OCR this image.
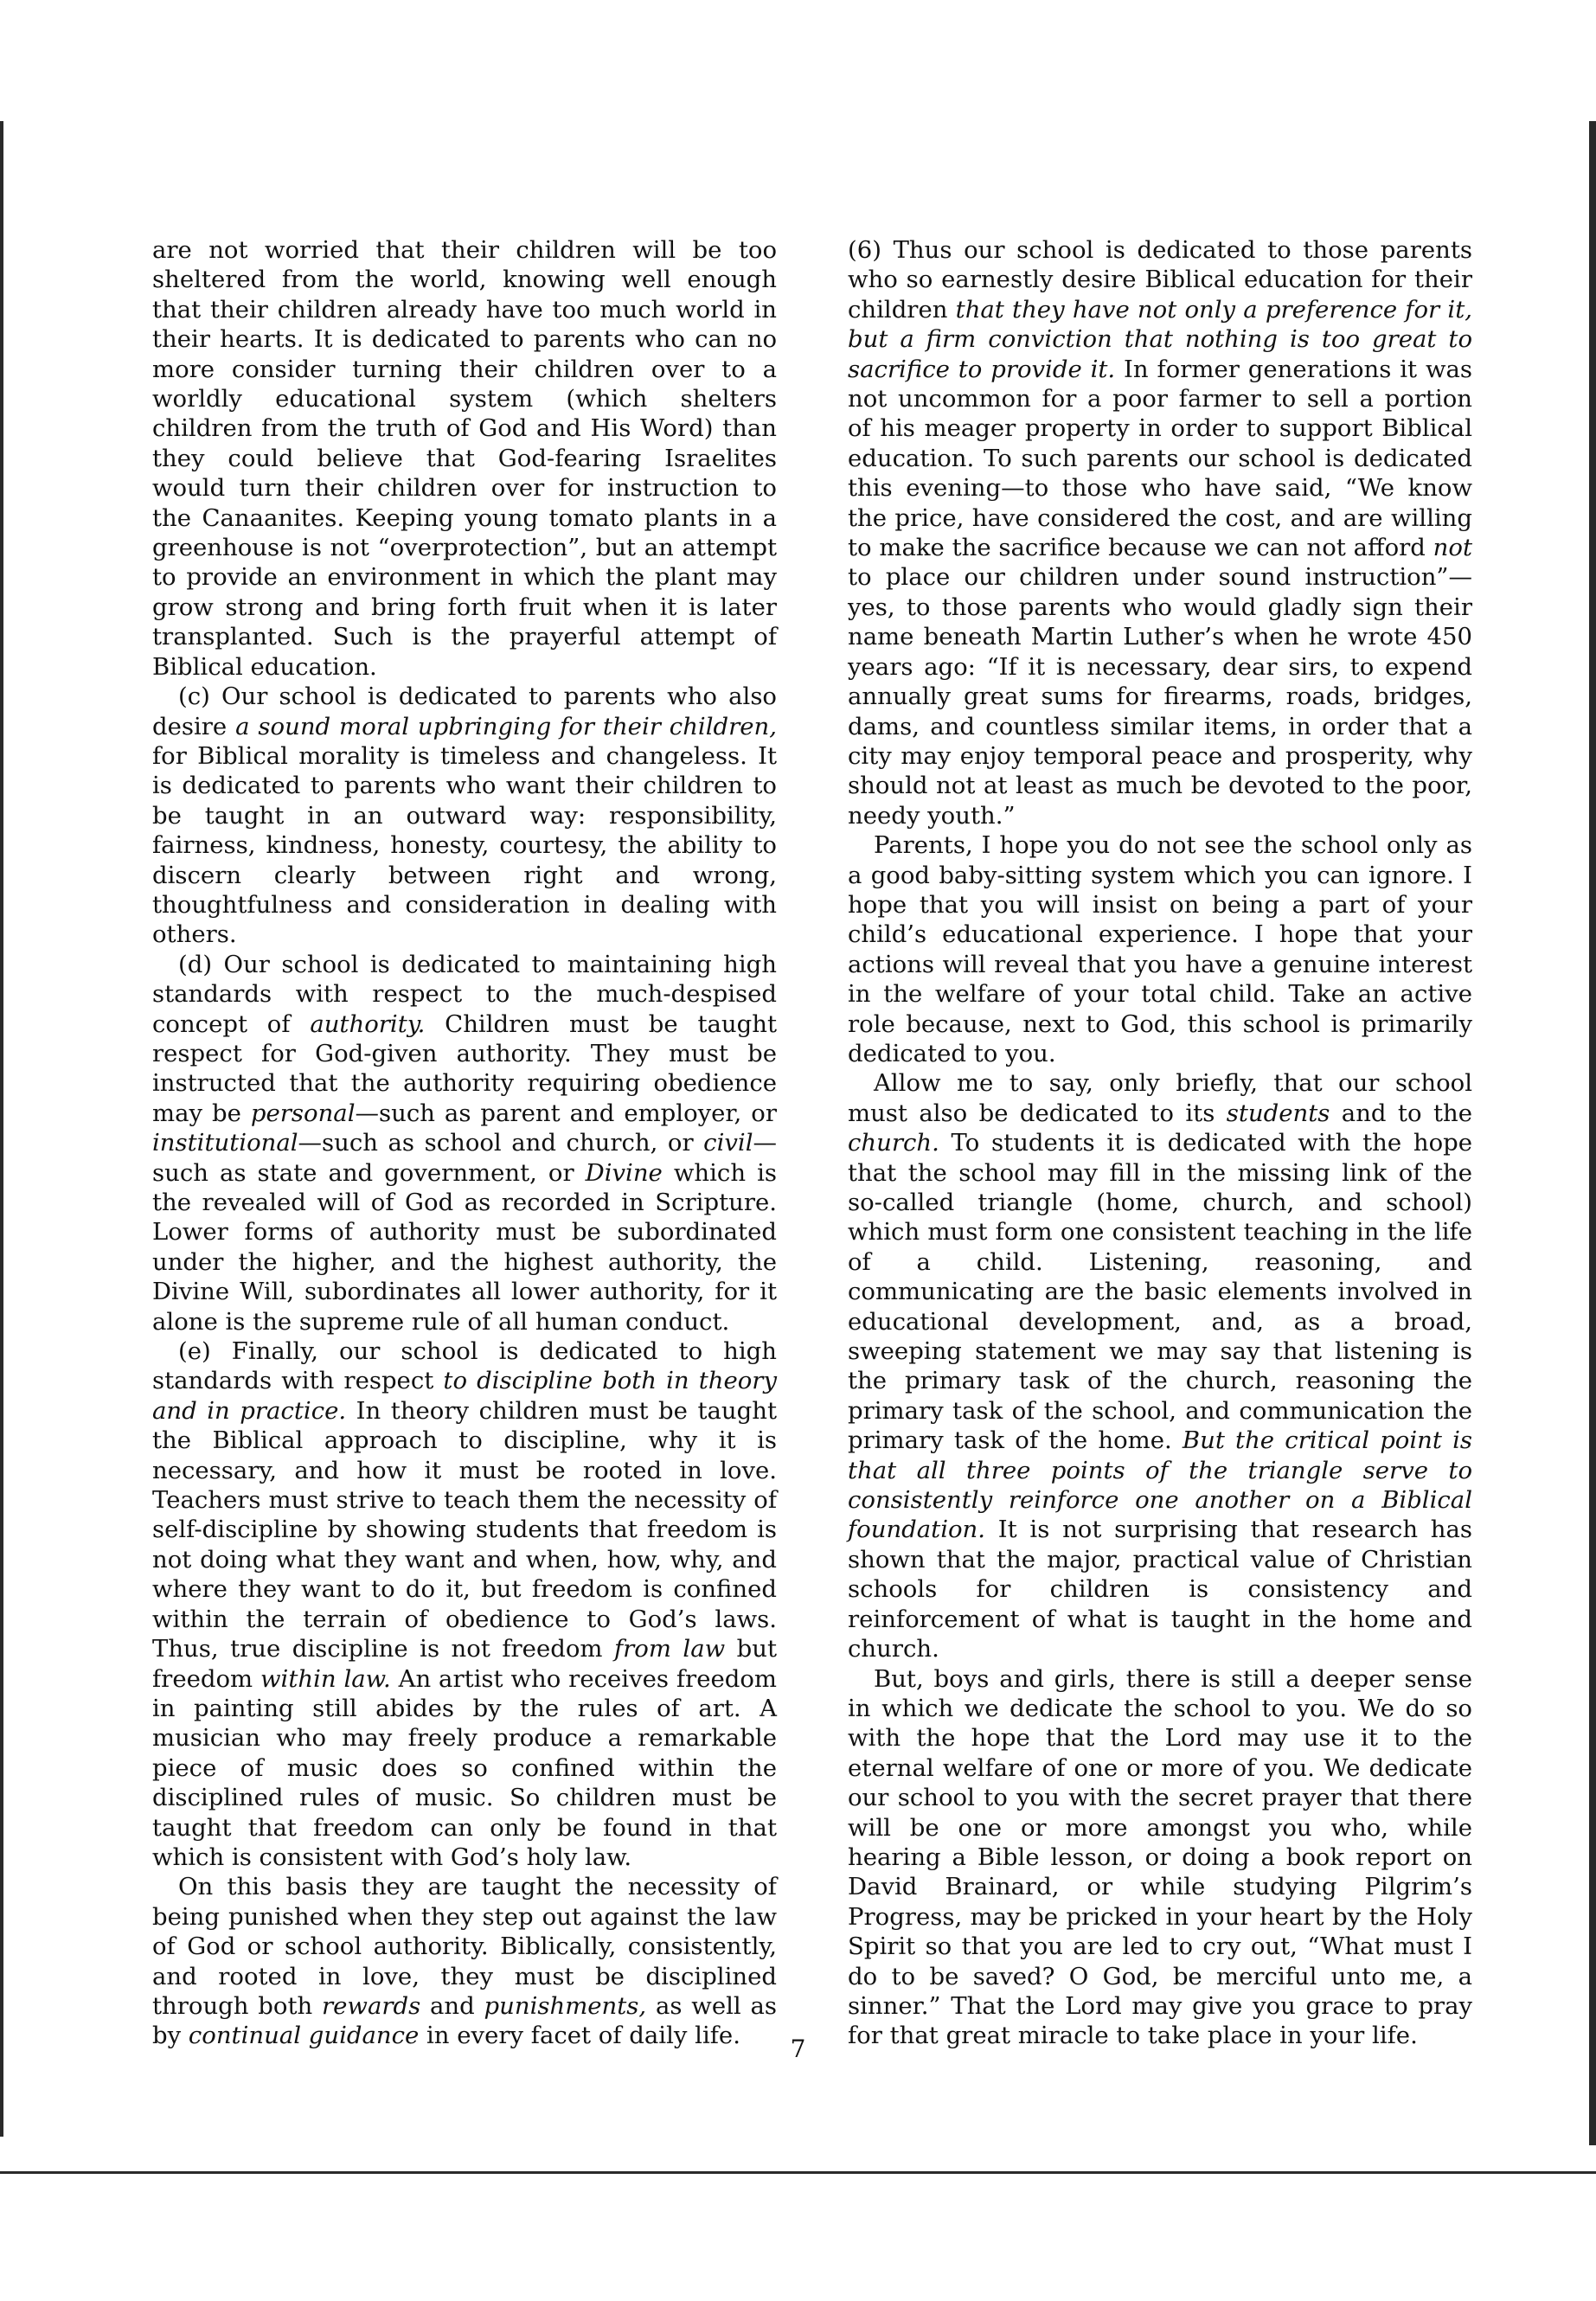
are not worried that their children will be too sheltered from the world, knowing well enough that their children already have too much world in their hearts. It is dedicated to parents who can no more consider turning their children over to a worldly educational system (which shelters children from the truth of God and His Word) than they could believe that God-fearing Israelites would turn their children over for instruction to the Canaanites. Keeping young tomato plants in a greenhouse is not “overprotection”, but an attempt to provide an environment in which the plant may grow strong and bring forth fruit when it is later transplanted. Such is the prayerful attempt of Biblical education.

(c) Our school is dedicated to parents who also desire a sound moral upbringing for their children, for Biblical morality is timeless and changeless. It is dedicated to parents who want their children to be taught in an outward way: responsibility, fairness, kindness, honesty, courtesy, the ability to discern clearly between right and wrong, thoughtfulness and consideration in dealing with others.

(d) Our school is dedicated to maintaining high standards with respect to the much-despised concept of authority. Children must be taught respect for God-given authority. They must be instructed that the authority requiring obedience may be personal—such as parent and employer, or institutional—such as school and church, or civil—such as state and government, or Divine which is the revealed will of God as recorded in Scripture. Lower forms of authority must be subordinated under the higher, and the highest authority, the Divine Will, subordinates all lower authority, for it alone is the supreme rule of all human conduct.

(e) Finally, our school is dedicated to high standards with respect to discipline both in theory and in practice. In theory children must be taught the Biblical approach to discipline, why it is necessary, and how it must be rooted in love. Teachers must strive to teach them the necessity of self-discipline by showing students that freedom is not doing what they want and when, how, why, and where they want to do it, but freedom is confined within the terrain of obedience to God’s laws. Thus, true discipline is not freedom from law but freedom within law. An artist who receives freedom in painting still abides by the rules of art. A musician who may freely produce a remarkable piece of music does so confined within the disciplined rules of music. So children must be taught that freedom can only be found in that which is consistent with God’s holy law.

On this basis they are taught the necessity of being punished when they step out against the law of God or school authority. Biblically, consistently, and rooted in love, they must be disciplined through both rewards and punishments, as well as by continual guidance in every facet of daily life.

(6) Thus our school is dedicated to those parents who so earnestly desire Biblical education for their children that they have not only a preference for it, but a firm conviction that nothing is too great to sacrifice to provide it. In former generations it was not uncommon for a poor farmer to sell a portion of his meager property in order to support Biblical education. To such parents our school is dedicated this evening—to those who have said, “We know the price, have considered the cost, and are willing to make the sacrifice because we can not afford not to place our children under sound instruction”—yes, to those parents who would gladly sign their name beneath Martin Luther’s when he wrote 450 years ago: “If it is necessary, dear sirs, to expend annually great sums for firearms, roads, bridges, dams, and countless similar items, in order that a city may enjoy temporal peace and prosperity, why should not at least as much be devoted to the poor, needy youth.”

Parents, I hope you do not see the school only as a good baby-sitting system which you can ignore. I hope that you will insist on being a part of your child’s educational experience. I hope that your actions will reveal that you have a genuine interest in the welfare of your total child. Take an active role because, next to God, this school is primarily dedicated to you.

Allow me to say, only briefly, that our school must also be dedicated to its students and to the church. To students it is dedicated with the hope that the school may fill in the missing link of the so-called triangle (home, church, and school) which must form one consistent teaching in the life of a child. Listening, reasoning, and communicating are the basic elements involved in educational development, and, as a broad, sweeping statement we may say that listening is the primary task of the church, reasoning the primary task of the school, and communication the primary task of the home. But the critical point is that all three points of the triangle serve to consistently reinforce one another on a Biblical foundation. It is not surprising that research has shown that the major, practical value of Christian schools for children is consistency and reinforcement of what is taught in the home and church.

But, boys and girls, there is still a deeper sense in which we dedicate the school to you. We do so with the hope that the Lord may use it to the eternal welfare of one or more of you. We dedicate our school to you with the secret prayer that there will be one or more amongst you who, while hearing a Bible lesson, or doing a book report on David Brainard, or while studying Pilgrim’s Progress, may be pricked in your heart by the Holy Spirit so that you are led to cry out, “What must I do to be saved? O God, be merciful unto me, a sinner.” That the Lord may give you grace to pray for that great miracle to take place in your life.

7
